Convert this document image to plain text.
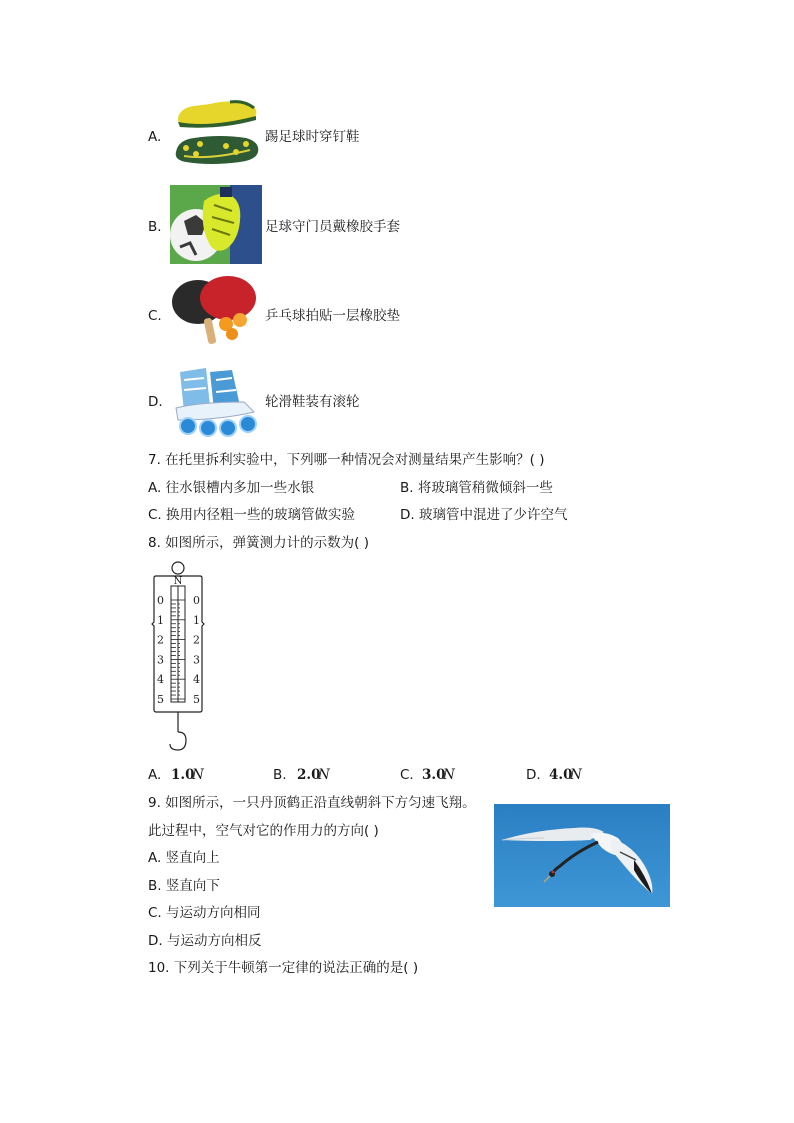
A.	踢足球时穿钉鞋
B.	足球守门员戴橡胶手套
C.	乒乓球拍贴一层橡胶垫
D.	轮滑鞋装有滚轮
7. 在托里拆利实验中，下列哪一种情况会对测量结果产生影响？( )
A. 往水银槽内多加一些水银	B. 将玻璃管稍微倾斜一些
C. 换用内径粗一些的玻璃管做实验	D. 玻璃管中混进了少许空气
8. 如图所示，弹簧测力计的示数为( )
N
0
1
2
3
4
5
0
1
2
3
4
5
A. 1.0
N	B. 2.0
N	C. 3.0
N	D. 4.0
N
9. 如图所示，一只丹顶鹤正沿直线朝斜下方匀速飞翔。
此过程中，空气对它的作用力的方向( )
A. 竖直向上
B. 竖直向下
C. 与运动方向相同
D. 与运动方向相反
10. 下列关于牛顿第一定律的说法正确的是( )
